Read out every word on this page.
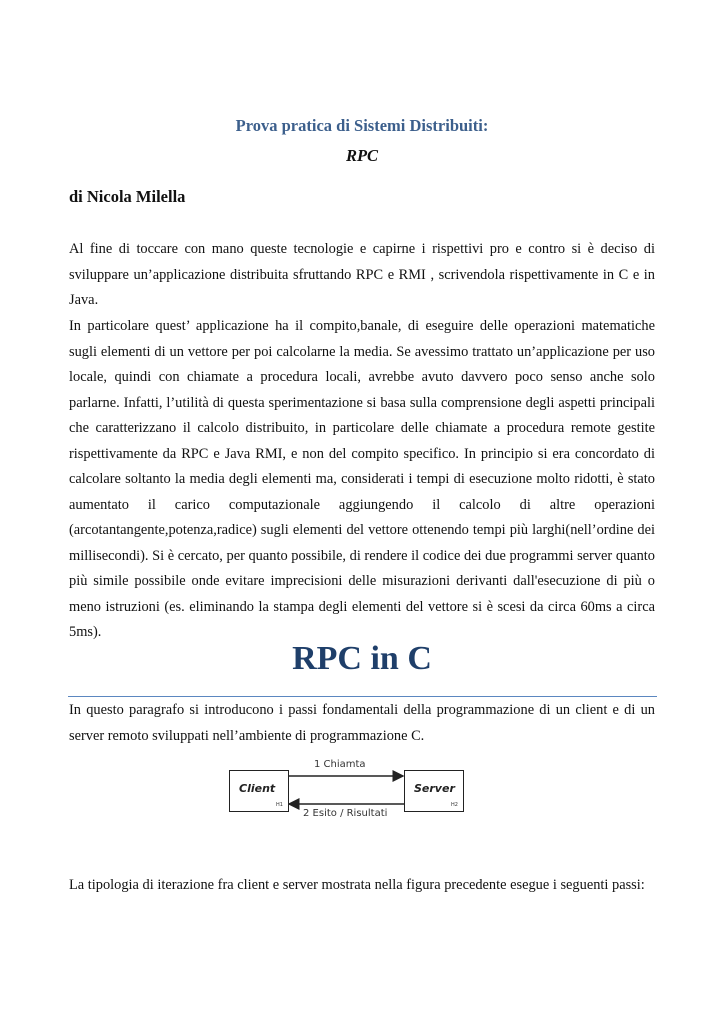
Prova pratica di Sistemi Distribuiti:
RPC
di Nicola Milella

Al fine di toccare con mano queste tecnologie e capirne i rispettivi pro e contro si è deciso di sviluppare un’applicazione distribuita sfruttando RPC e RMI , scrivendola rispettivamente in C e in Java.

In particolare quest’ applicazione ha il compito,banale, di eseguire delle operazioni matematiche sugli elementi di un vettore per poi calcolarne la media. Se avessimo trattato un’applicazione per uso locale, quindi con chiamate a procedura locali, avrebbe avuto davvero poco senso anche solo parlarne. Infatti, l’utilità di questa sperimentazione si basa sulla comprensione degli aspetti principali che caratterizzano il calcolo distribuito, in particolare delle chiamate a procedura remote gestite rispettivamente da RPC e Java RMI, e non del compito specifico. In principio si era concordato di calcolare soltanto la media degli elementi ma, considerati i tempi di esecuzione molto ridotti, è stato aumentato il carico computazionale aggiungendo il calcolo di altre operazioni (arcotantangente,potenza,radice) sugli elementi del vettore ottenendo tempi più larghi(nell’ordine dei millisecondi). Si è cercato, per quanto possibile, di rendere il codice dei due programmi server quanto più simile possibile onde evitare imprecisioni delle misurazioni derivanti dall'esecuzione di più o meno istruzioni (es. eliminando la stampa degli elementi del vettore si è scesi da circa 60ms a circa 5ms).

RPC in C

In questo paragrafo si introducono i passi fondamentali della programmazione di un client e di un server remoto sviluppati nell’ambiente di programmazione C.

Client
H1
Server
H2
1 Chiamta
2 Esito / Risultati

La tipologia di iterazione fra client e server mostrata nella figura precedente esegue i seguenti passi:
